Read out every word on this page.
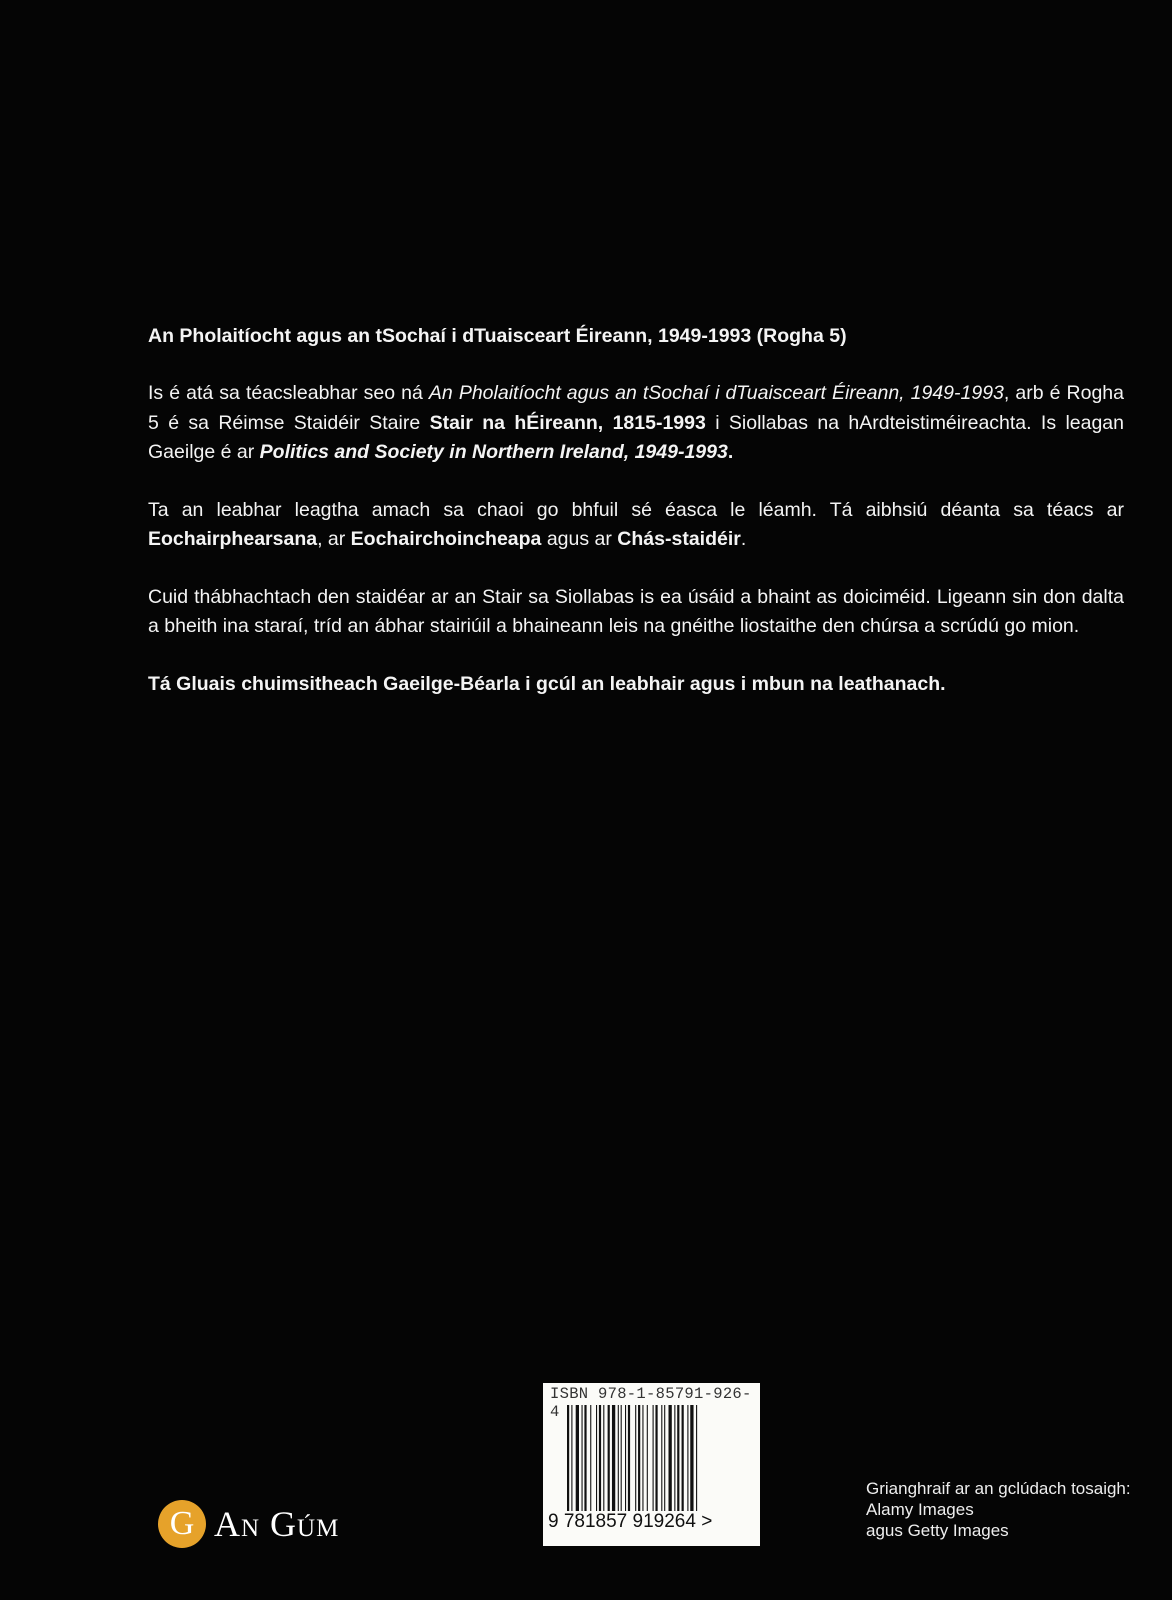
An Pholaitíocht agus an tSochaí i dTuaisceart Éireann, 1949-1993 (Rogha 5)

Is é atá sa téacsleabhar seo ná An Pholaitíocht agus an tSochaí i dTuaisceart Éireann, 1949-1993, arb é Rogha 5 é sa Réimse Staidéir Staire Stair na hÉireann, 1815-1993 i Siollabas na hArdteistiméireachta. Is leagan Gaeilge é ar Politics and Society in Northern Ireland, 1949-1993.

Ta an leabhar leagtha amach sa chaoi go bhfuil sé éasca le léamh. Tá aibhsiú déanta sa téacs ar Eochairphearsana, ar Eochairchoincheapa agus ar Chás-staidéir.

Cuid thábhachtach den staidéar ar an Stair sa Siollabas is ea úsáid a bhaint as doiciméid. Ligeann sin don dalta a bheith ina staraí, tríd an ábhar stairiúil a bhaineann leis na gnéithe liostaithe den chúrsa a scrúdú go mion.

Tá Gluais chuimsitheach Gaeilge-Béarla i gcúl an leabhair agus i mbun na leathanach.

ISBN 978-1-85791-926-4
9 781857 919264 >
G An Gúm
Grianghraif ar an gclúdach tosaigh:
Alamy Images
agus Getty Images
